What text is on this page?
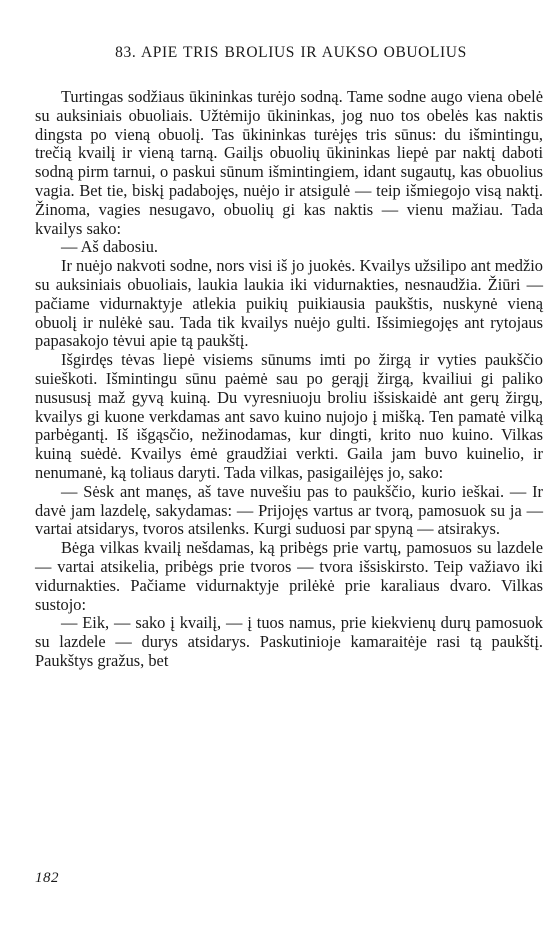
83. APIE TRIS BROLIUS IR AUKSO OBUOLIUS

Turtingas sodžiaus ūkininkas turėjo sodną. Tame sodne augo viena obelė su auksiniais obuoliais. Užtėmijo ūkininkas, jog nuo tos obelės kas naktis dingsta po vieną obuolį. Tas ūkininkas turėjęs tris sūnus: du išmintingu, trečią kvailį ir vieną tarną. Gailįs obuolių ūkininkas liepė par naktį daboti sodną pirm tarnui, o paskui sūnum išmintingiem, idant sugautų, kas obuolius vagia. Bet tie, biskį padabojęs, nuėjo ir atsigulė — teip išmiegojo visą naktį. Žinoma, vagies nesugavo, obuolių gi kas naktis — vienu mažiau. Tada kvailys sako:

— Aš dabosiu.

Ir nuėjo nakvoti sodne, nors visi iš jo juokės. Kvailys užsilipo ant medžio su auksiniais obuoliais, laukia laukia iki vidurnakties, nesnaudžia. Žiūri — pačiame vidurnaktyje atlekia puikių puikiausia paukštis, nuskynė vieną obuolį ir nulėkė sau. Tada tik kvailys nuėjo gulti. Išsimiegojęs ant rytojaus papasakojo tėvui apie tą paukštį.

Išgirdęs tėvas liepė visiems sūnums imti po žirgą ir vyties paukščio suieškoti. Išmintingu sūnu paėmė sau po gerąjį žirgą, kvailiui gi paliko nusususį maž gyvą kuiną. Du vyresniuoju broliu išsiskaidė ant gerų žirgų, kvailys gi kuone verkdamas ant savo kuino nujojo į mišką. Ten pamatė vilką parbėgantį. Iš išgąsčio, nežinodamas, kur dingti, krito nuo kuino. Vilkas kuiną suėdė. Kvailys ėmė graudžiai verkti. Gaila jam buvo kuinelio, ir nenumanė, ką toliaus daryti. Tada vilkas, pasigailėjęs jo, sako:

— Sėsk ant manęs, aš tave nuvešiu pas to paukščio, kurio ieškai. — Ir davė jam lazdelę, sakydamas: — Prijojęs vartus ar tvorą, pamosuok su ja — vartai atsidarys, tvoros atsilenks. Kurgi suduosi par spyną — atsirakys.

Bėga vilkas kvailį nešdamas, ką pribėgs prie vartų, pamosuos su lazdele — vartai atsikelia, pribėgs prie tvoros — tvora išsiskirsto. Teip važiavo iki vidurnakties. Pačiame vidurnaktyje prilėkė prie karaliaus dvaro. Vilkas sustojo:

— Eik, — sako į kvailį, — į tuos namus, prie kiekvienų durų pamosuok su lazdele — durys atsidarys. Paskutinioje kamaraitėje rasi tą paukštį. Paukštys gražus, bet

182
